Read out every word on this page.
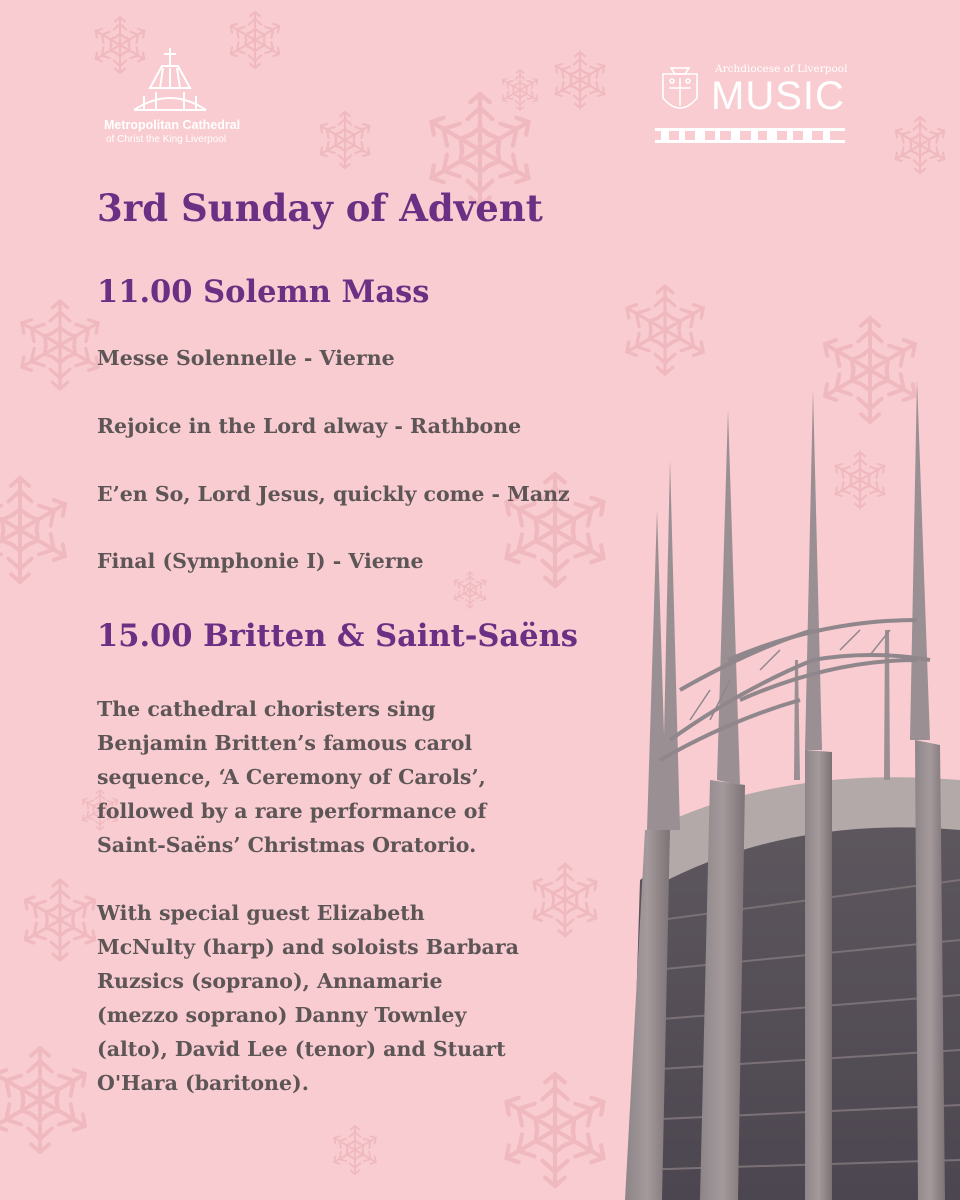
Metropolitan Cathedral
of Christ the King Liverpool
Archdiocese of Liverpool
MUSIC
3rd Sunday of Advent
11.00 Solemn Mass

Messe Solennelle - Vierne

Rejoice in the Lord alway - Rathbone

E’en So, Lord Jesus, quickly come - Manz

Final (Symphonie I) - Vierne

15.00 Britten & Saint-Saëns

The cathedral choristers sing
Benjamin Britten’s famous carol
sequence, ‘A Ceremony of Carols’,
followed by a rare performance of
Saint-Saëns’ Christmas Oratorio.

With special guest Elizabeth
McNulty (harp) and soloists Barbara
Ruzsics (soprano), Annamarie
(mezzo soprano) Danny Townley
(alto), David Lee (tenor) and Stuart
O'Hara (baritone).
